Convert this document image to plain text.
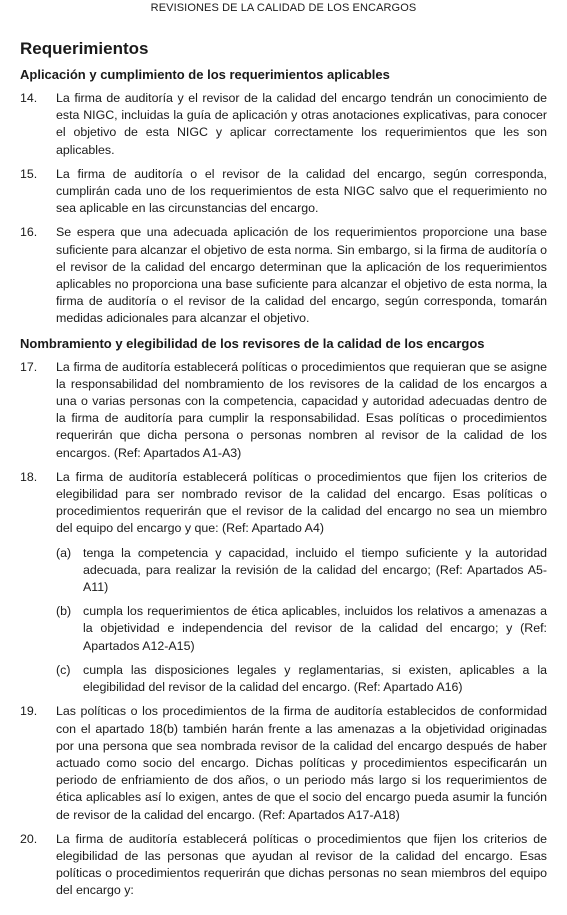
REVISIONES DE LA CALIDAD DE LOS ENCARGOS
Requerimientos
Aplicación y cumplimiento de los requerimientos aplicables
14.	La firma de auditoría y el revisor de la calidad del encargo tendrán un conocimiento de esta NIGC, incluidas la guía de aplicación y otras anotaciones explicativas, para conocer el objetivo de esta NIGC y aplicar correctamente los requerimientos que les son aplicables.
15.	La firma de auditoría o el revisor de la calidad del encargo, según corresponda, cumplirán cada uno de los requerimientos de esta NIGC salvo que el requerimiento no sea aplicable en las circunstancias del encargo.
16.	Se espera que una adecuada aplicación de los requerimientos proporcione una base suficiente para alcanzar el objetivo de esta norma. Sin embargo, si la firma de auditoría o el revisor de la calidad del encargo determinan que la aplicación de los requerimientos aplicables no proporciona una base suficiente para alcanzar el objetivo de esta norma, la firma de auditoría o el revisor de la calidad del encargo, según corresponda, tomarán medidas adicionales para alcanzar el objetivo.
Nombramiento y elegibilidad de los revisores de la calidad de los encargos
17.	La firma de auditoría establecerá políticas o procedimientos que requieran que se asigne la responsabilidad del nombramiento de los revisores de la calidad de los encargos a una o varias personas con la competencia, capacidad y autoridad adecuadas dentro de la firma de auditoría para cumplir la responsabilidad. Esas políticas o procedimientos requerirán que dicha persona o personas nombren al revisor de la calidad de los encargos. (Ref: Apartados A1-A3)
18.	La firma de auditoría establecerá políticas o procedimientos que fijen los criterios de elegibilidad para ser nombrado revisor de la calidad del encargo. Esas políticas o procedimientos requerirán que el revisor de la calidad del encargo no sea un miembro del equipo del encargo y que: (Ref: Apartado A4)
(a) tenga la competencia y capacidad, incluido el tiempo suficiente y la autoridad adecuada, para realizar la revisión de la calidad del encargo; (Ref: Apartados A5-A11)
(b) cumpla los requerimientos de ética aplicables, incluidos los relativos a amenazas a la objetividad e independencia del revisor de la calidad del encargo; y (Ref: Apartados A12-A15)
(c)	cumpla las disposiciones legales y reglamentarias, si existen, aplicables a la elegibilidad del revisor de la calidad del encargo. (Ref: Apartado A16)
19.	Las políticas o los procedimientos de la firma de auditoría establecidos de conformidad con el apartado 18(b) también harán frente a las amenazas a la objetividad originadas por una persona que sea nombrada revisor de la calidad del encargo después de haber actuado como socio del encargo. Dichas políticas y procedimientos especificarán un periodo de enfriamiento de dos años, o un periodo más largo si los requerimientos de ética aplicables así lo exigen, antes de que el socio del encargo pueda asumir la función de revisor de la calidad del encargo. (Ref: Apartados A17-A18)
20.	La firma de auditoría establecerá políticas o procedimientos que fijen los criterios de elegibilidad de las personas que ayudan al revisor de la calidad del encargo. Esas políticas o procedimientos requerirán que dichas personas no sean miembros del equipo del encargo y:
